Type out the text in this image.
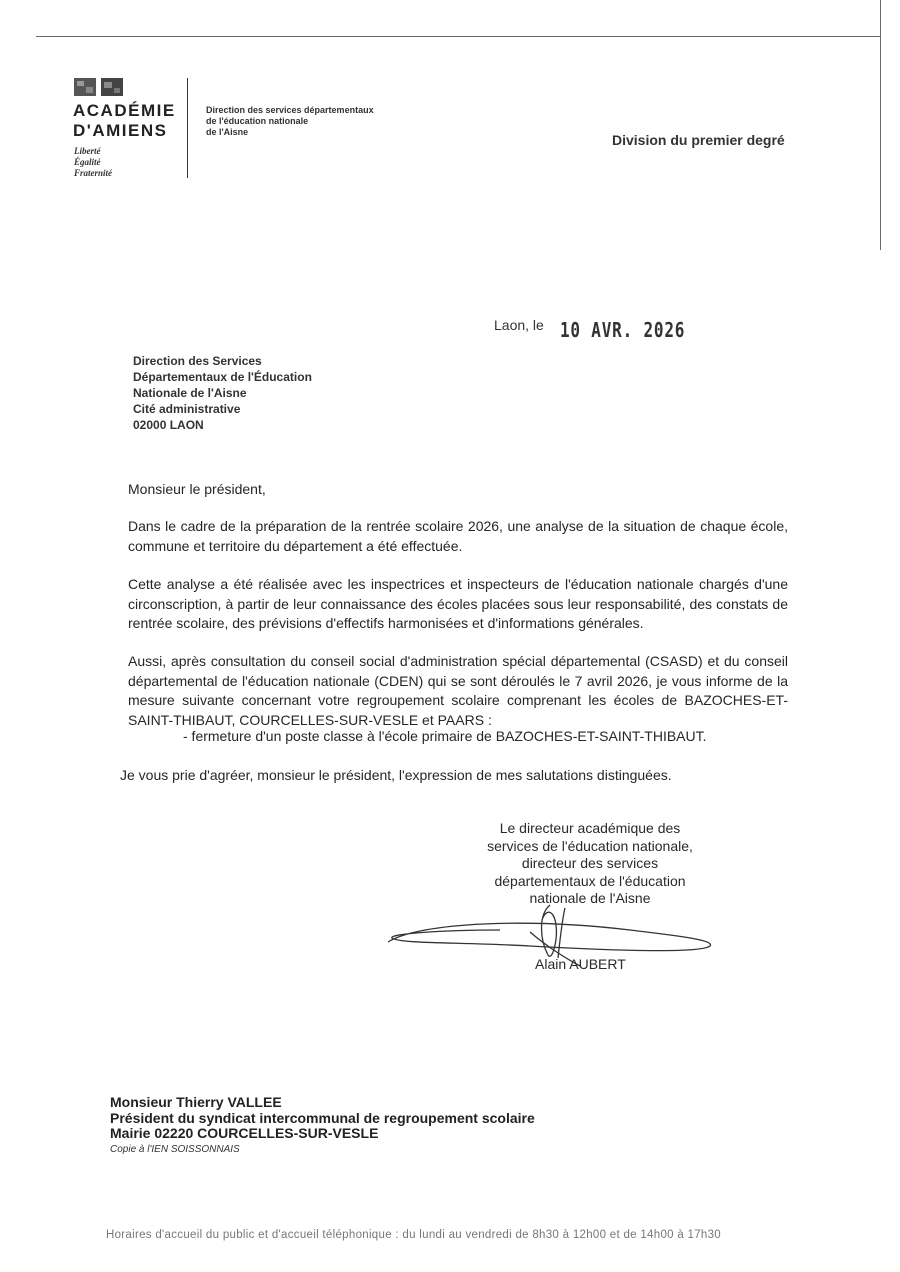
ACADÉMIE
D'AMIENS
Liberté
Égalité
Fraternité
Direction des services départementaux
de l'éducation nationale
de l'Aisne	Division du premier degré
Laon, le 10 AVR. 2026
Direction des Services
Départementaux de l'Éducation
Nationale de l'Aisne
Cité administrative
02000 LAON
Monsieur le président,
Dans le cadre de la préparation de la rentrée scolaire 2026, une analyse de la situation de chaque école, commune et territoire du département a été effectuée.
Cette analyse a été réalisée avec les inspectrices et inspecteurs de l'éducation nationale chargés d'une circonscription, à partir de leur connaissance des écoles placées sous leur responsabilité, des constats de rentrée scolaire, des prévisions d'effectifs harmonisées et d'informations générales.
Aussi, après consultation du conseil social d'administration spécial départemental (CSASD) et du conseil départemental de l'éducation nationale (CDEN) qui se sont déroulés le 7 avril 2026, je vous informe de la mesure suivante concernant votre regroupement scolaire comprenant les écoles de BAZOCHES-ET-SAINT-THIBAUT, COURCELLES-SUR-VESLE et PAARS :
- fermeture d'un poste classe à l'école primaire de BAZOCHES-ET-SAINT-THIBAUT.
Je vous prie d'agréer, monsieur le président, l'expression de mes salutations distinguées.
Le directeur académique des
services de l'éducation nationale,
directeur des services
départementaux de l'éducation
nationale de l'Aisne
Alain AUBERT
Monsieur Thierry VALLEE
Président du syndicat intercommunal de regroupement scolaire
Mairie 02220 COURCELLES-SUR-VESLE
Copie à l'IEN SOISSONNAIS
Horaires d'accueil du public et d'accueil téléphonique : du lundi au vendredi de 8h30 à 12h00 et de 14h00 à 17h30
